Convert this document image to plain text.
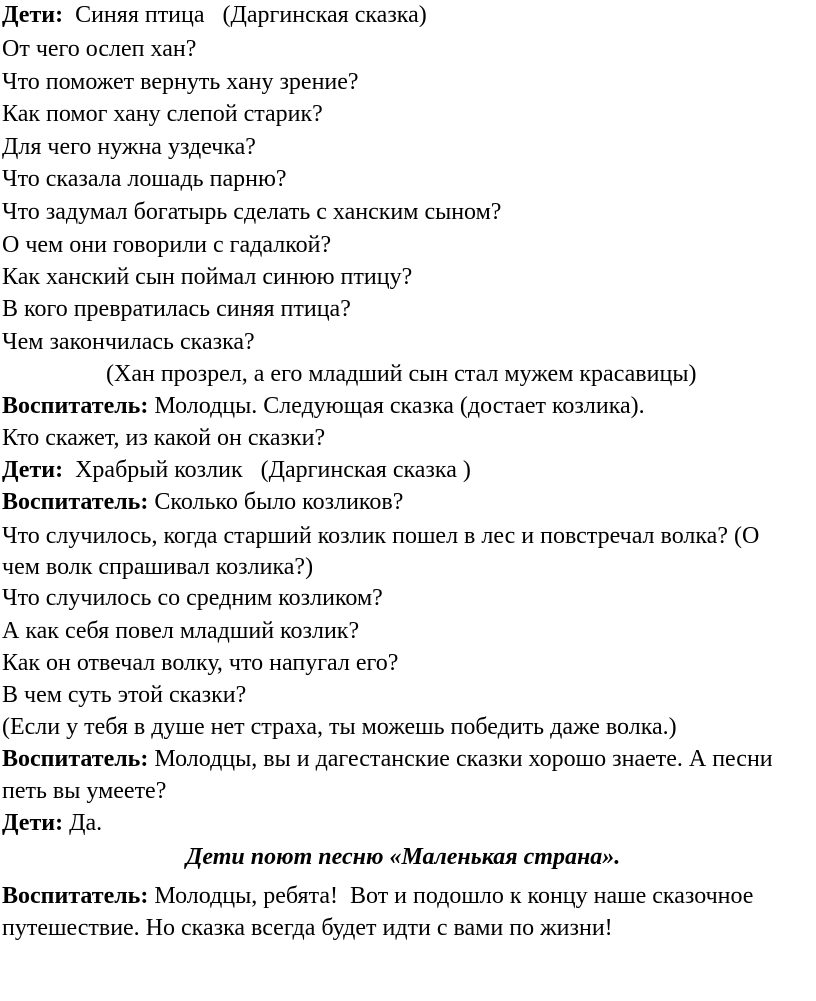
Дети:  Синяя птица   (Даргинская сказка)
От чего ослеп хан?
Что поможет вернуть хану зрение?
Как помог хану слепой старик?
Для чего нужна уздечка?
Что сказала лошадь парню?
Что задумал богатырь сделать с ханским сыном?
О чем они говорили с гадалкой?
Как ханский сын поймал синюю птицу?
В кого превратилась синяя птица?
Чем закончилась сказка?
(Хан прозрел, а его младший сын стал мужем красавицы)
Воспитатель: Молодцы. Следующая сказка (достает козлика).
Кто скажет, из какой он сказки?
Дети:  Храбрый козлик   (Даргинская сказка )
Воспитатель: Сколько было козликов?
Что случилось, когда старший козлик пошел в лес и повстречал волка? (О
чем волк спрашивал козлика?)
Что случилось со средним козликом?
А как себя повел младший козлик?
Как он отвечал волку, что напугал его?
В чем суть этой сказки?
(Если у тебя в душе нет страха, ты можешь победить даже волка.)
Воспитатель: Молодцы, вы и дагестанские сказки хорошо знаете. А песни
петь вы умеете?
Дети: Да.
Дети поют песню «Маленькая страна».
Воспитатель: Молодцы, ребята!  Вот и подошло к концу наше сказочное
путешествие. Но сказка всегда будет идти с вами по жизни!
